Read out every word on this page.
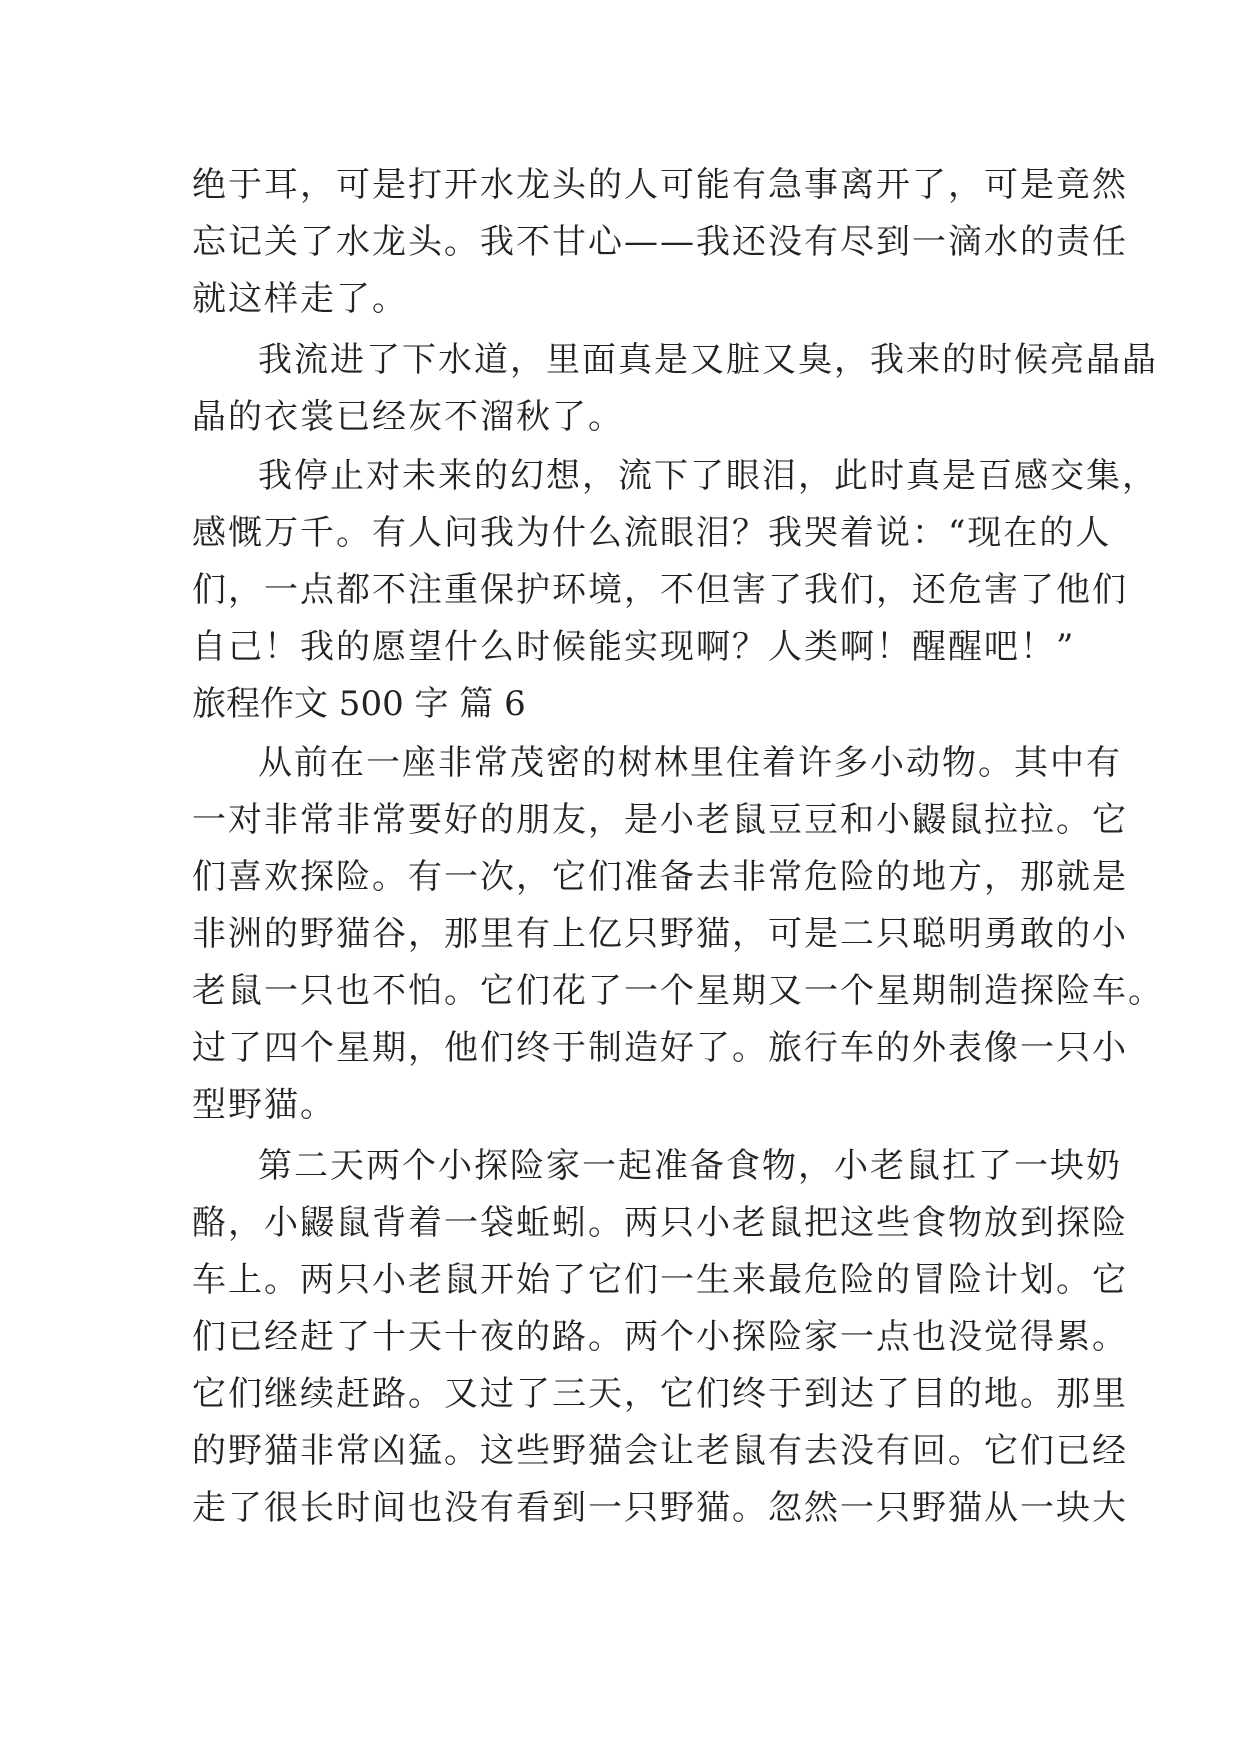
绝于耳，可是打开水龙头的人可能有急事离开了，可是竟然
忘记关了水龙头。我不甘心——我还没有尽到一滴水的责任
就这样走了。
我流进了下水道，里面真是又脏又臭，我来的时候亮晶晶
晶的衣裳已经灰不溜秋了。
我停止对未来的幻想，流下了眼泪，此时真是百感交集，
感慨万千。有人问我为什么流眼泪？我哭着说：“现在的人
们，一点都不注重保护环境，不但害了我们，还危害了他们
自己！我的愿望什么时候能实现啊？人类啊！醒醒吧！”
旅程作文 500 字 篇 6
从前在一座非常茂密的树林里住着许多小动物。其中有
一对非常非常要好的朋友，是小老鼠豆豆和小鼹鼠拉拉。它
们喜欢探险。有一次，它们准备去非常危险的地方，那就是
非洲的野猫谷，那里有上亿只野猫，可是二只聪明勇敢的小
老鼠一只也不怕。它们花了一个星期又一个星期制造探险车。
过了四个星期，他们终于制造好了。旅行车的外表像一只小
型野猫。
第二天两个小探险家一起准备食物，小老鼠扛了一块奶
酪，小鼹鼠背着一袋蚯蚓。两只小老鼠把这些食物放到探险
车上。两只小老鼠开始了它们一生来最危险的冒险计划。它
们已经赶了十天十夜的路。两个小探险家一点也没觉得累。
它们继续赶路。又过了三天，它们终于到达了目的地。那里
的野猫非常凶猛。这些野猫会让老鼠有去没有回。它们已经
走了很长时间也没有看到一只野猫。忽然一只野猫从一块大
